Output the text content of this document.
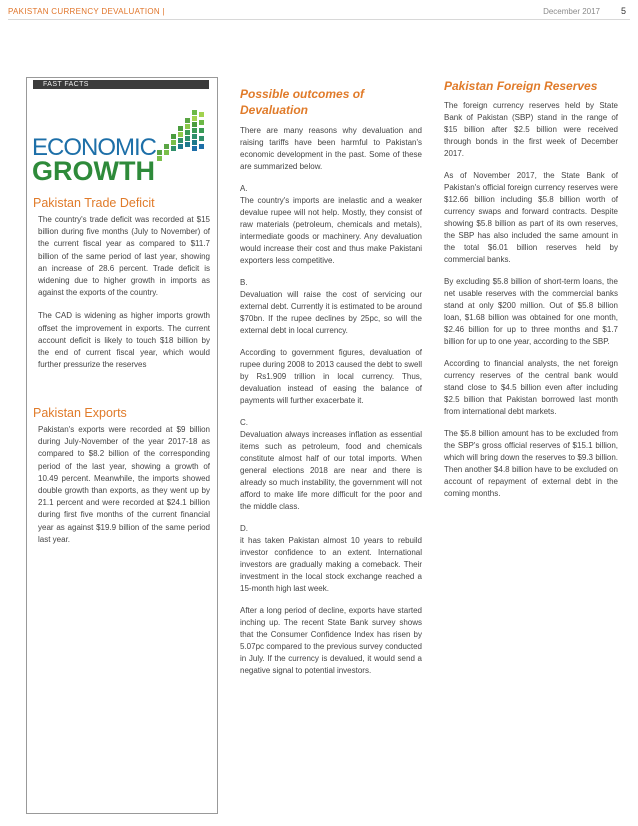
PAKISTAN CURRENCY DEVALUATION |	December 2017 5
FAST FACTS
ECONOMIC
GROWTH
Pakistan Trade Deficit

The country's trade deficit was recorded at $15 billion during five months (July to November) of the current fiscal year as compared to $11.7 billion of the same period of last year, showing an increase of 28.6 percent. Trade deficit is widening due to higher growth in imports as against the exports of the country.

The CAD is widening as higher imports growth offset the improvement in exports. The current account deficit is likely to touch $18 billion by the end of current fiscal year, which would further pressurize the reserves

Pakistan Exports

Pakistan's exports were recorded at $9 billion during July-November of the year 2017-18 as compared to $8.2 billion of the corresponding period of the last year, showing a growth of 10.49 percent. Meanwhile, the imports showed double growth than exports, as they went up by 21.1 percent and were recorded at $24.1 billion during first five months of the current financial year as against $19.9 billion of the same period last year.

Possible outcomes of Devaluation

There are many reasons why devaluation and raising tariffs have been harmful to Pakistan's economic development in the past. Some of these are summarized below.

A.
The country's imports are inelastic and a weaker devalue rupee will not help. Mostly, they consist of raw materials (petroleum, chemicals and metals), intermediate goods or machinery. Any devaluation would increase their cost and thus make Pakistani exporters less competitive.

B.
Devaluation will raise the cost of servicing our external debt. Currently it is estimated to be around $70bn. If the rupee declines by 25pc, so will the external debt in local currency.

According to government figures, devaluation of rupee during 2008 to 2013 caused the debt to swell by Rs1.909 trillion in local currency. Thus, devaluation instead of easing the balance of payments will further exacerbate it.

C.
Devaluation always increases inflation as essential items such as petroleum, food and chemicals constitute almost half of our total imports. When general elections 2018 are near and there is already so much instability, the government will not afford to make life more difficult for the poor and the middle class.

D.
it has taken Pakistan almost 10 years to rebuild investor confidence to an extent. International investors are gradually making a comeback. Their investment in the local stock exchange reached a 15-month high last week.

After a long period of decline, exports have started inching up. The recent State Bank survey shows that the Consumer Confidence Index has risen by 5.07pc compared to the previous survey conducted in July. If the currency is devalued, it would send a negative signal to potential investors.

Pakistan Foreign Reserves

The foreign currency reserves held by State Bank of Pakistan (SBP) stand in the range of $15 billion after $2.5 billion were received through bonds in the first week of December 2017.

As of November 2017, the State Bank of Pakistan's official foreign currency reserves were $12.66 billion including $5.8 billion worth of currency swaps and forward contracts. Despite showing $5.8 billion as part of its own reserves, the SBP has also included the same amount in the total $6.01 billion reserves held by commercial banks.

By excluding $5.8 billion of short-term loans, the net usable reserves with the commercial banks stand at only $200 million. Out of $5.8 billion loan, $1.68 billion was obtained for one month, $2.46 billion for up to three months and $1.7 billion for up to one year, according to the SBP.

According to financial analysts, the net foreign currency reserves of the central bank would stand close to $4.5 billion even after including $2.5 billion that Pakistan borrowed last month from international debt markets.

The $5.8 billion amount has to be excluded from the SBP's gross official reserves of $15.1 billion, which will bring down the reserves to $9.3 billion. Then another $4.8 billion have to be excluded on account of repayment of external debt in the coming months.
